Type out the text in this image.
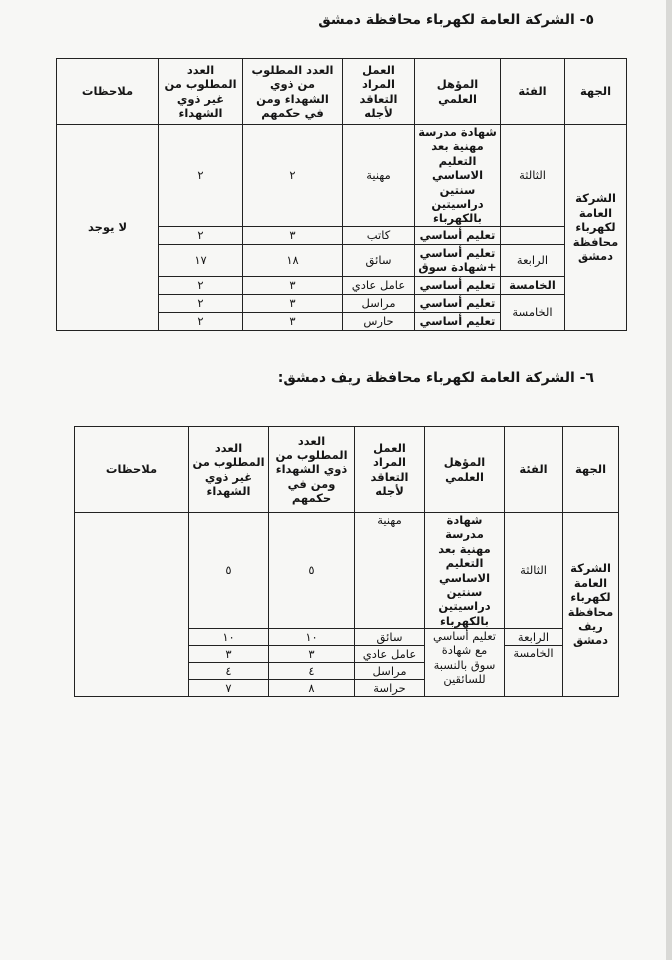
٥- الشركة العامة لكهرباء محافظة دمشق
الجهة	الفئة	المؤهل العلمي	العمل المراد التعاقد لأجله	العدد المطلوب من ذوي الشهداء ومن في حكمهم	العدد المطلوب من غير ذوي الشهداء	ملاحظات
الشركة العامة لكهرباء محافظة دمشق	الثالثة	شهادة مدرسة مهنية بعد التعليم الاساسي سنتين دراسيتين بالكهرباء	مهنية	٢	٢	لا يوجد
		تعليم أساسي	كاتب	٣	٢	
	الرابعة	تعليم أساسي +شهادة سوق	سائق	١٨	١٧	
	الخامسة	تعليم أساسي	عامل عادي	٣	٢	
	الخامسة	تعليم أساسي	مراسل	٣	٢	
		تعليم أساسي	حارس	٣	٢	
٦- الشركة العامة لكهرباء محافظة ريف دمشق:
الجهة	الفئة	المؤهل العلمي	العمل المراد التعاقد لأجله	العدد المطلوب من ذوي الشهداء ومن في حكمهم	العدد المطلوب من غير ذوي الشهداء	ملاحظات
الشركة العامة لكهرباء محافظة ريف دمشق	الثالثة	شهادة مدرسة مهنية بعد التعليم الاساسي سنتين دراسيتين بالكهرباء	مهنية	٥	٥	
	الرابعة	تعليم أساسي مع شهادة سوق بالنسبة للسائقين	سائق	١٠	١٠	
	الخامسة		عامل عادي	٣	٣	
			مراسل	٤	٤	
			حراسة	٨	٧	
